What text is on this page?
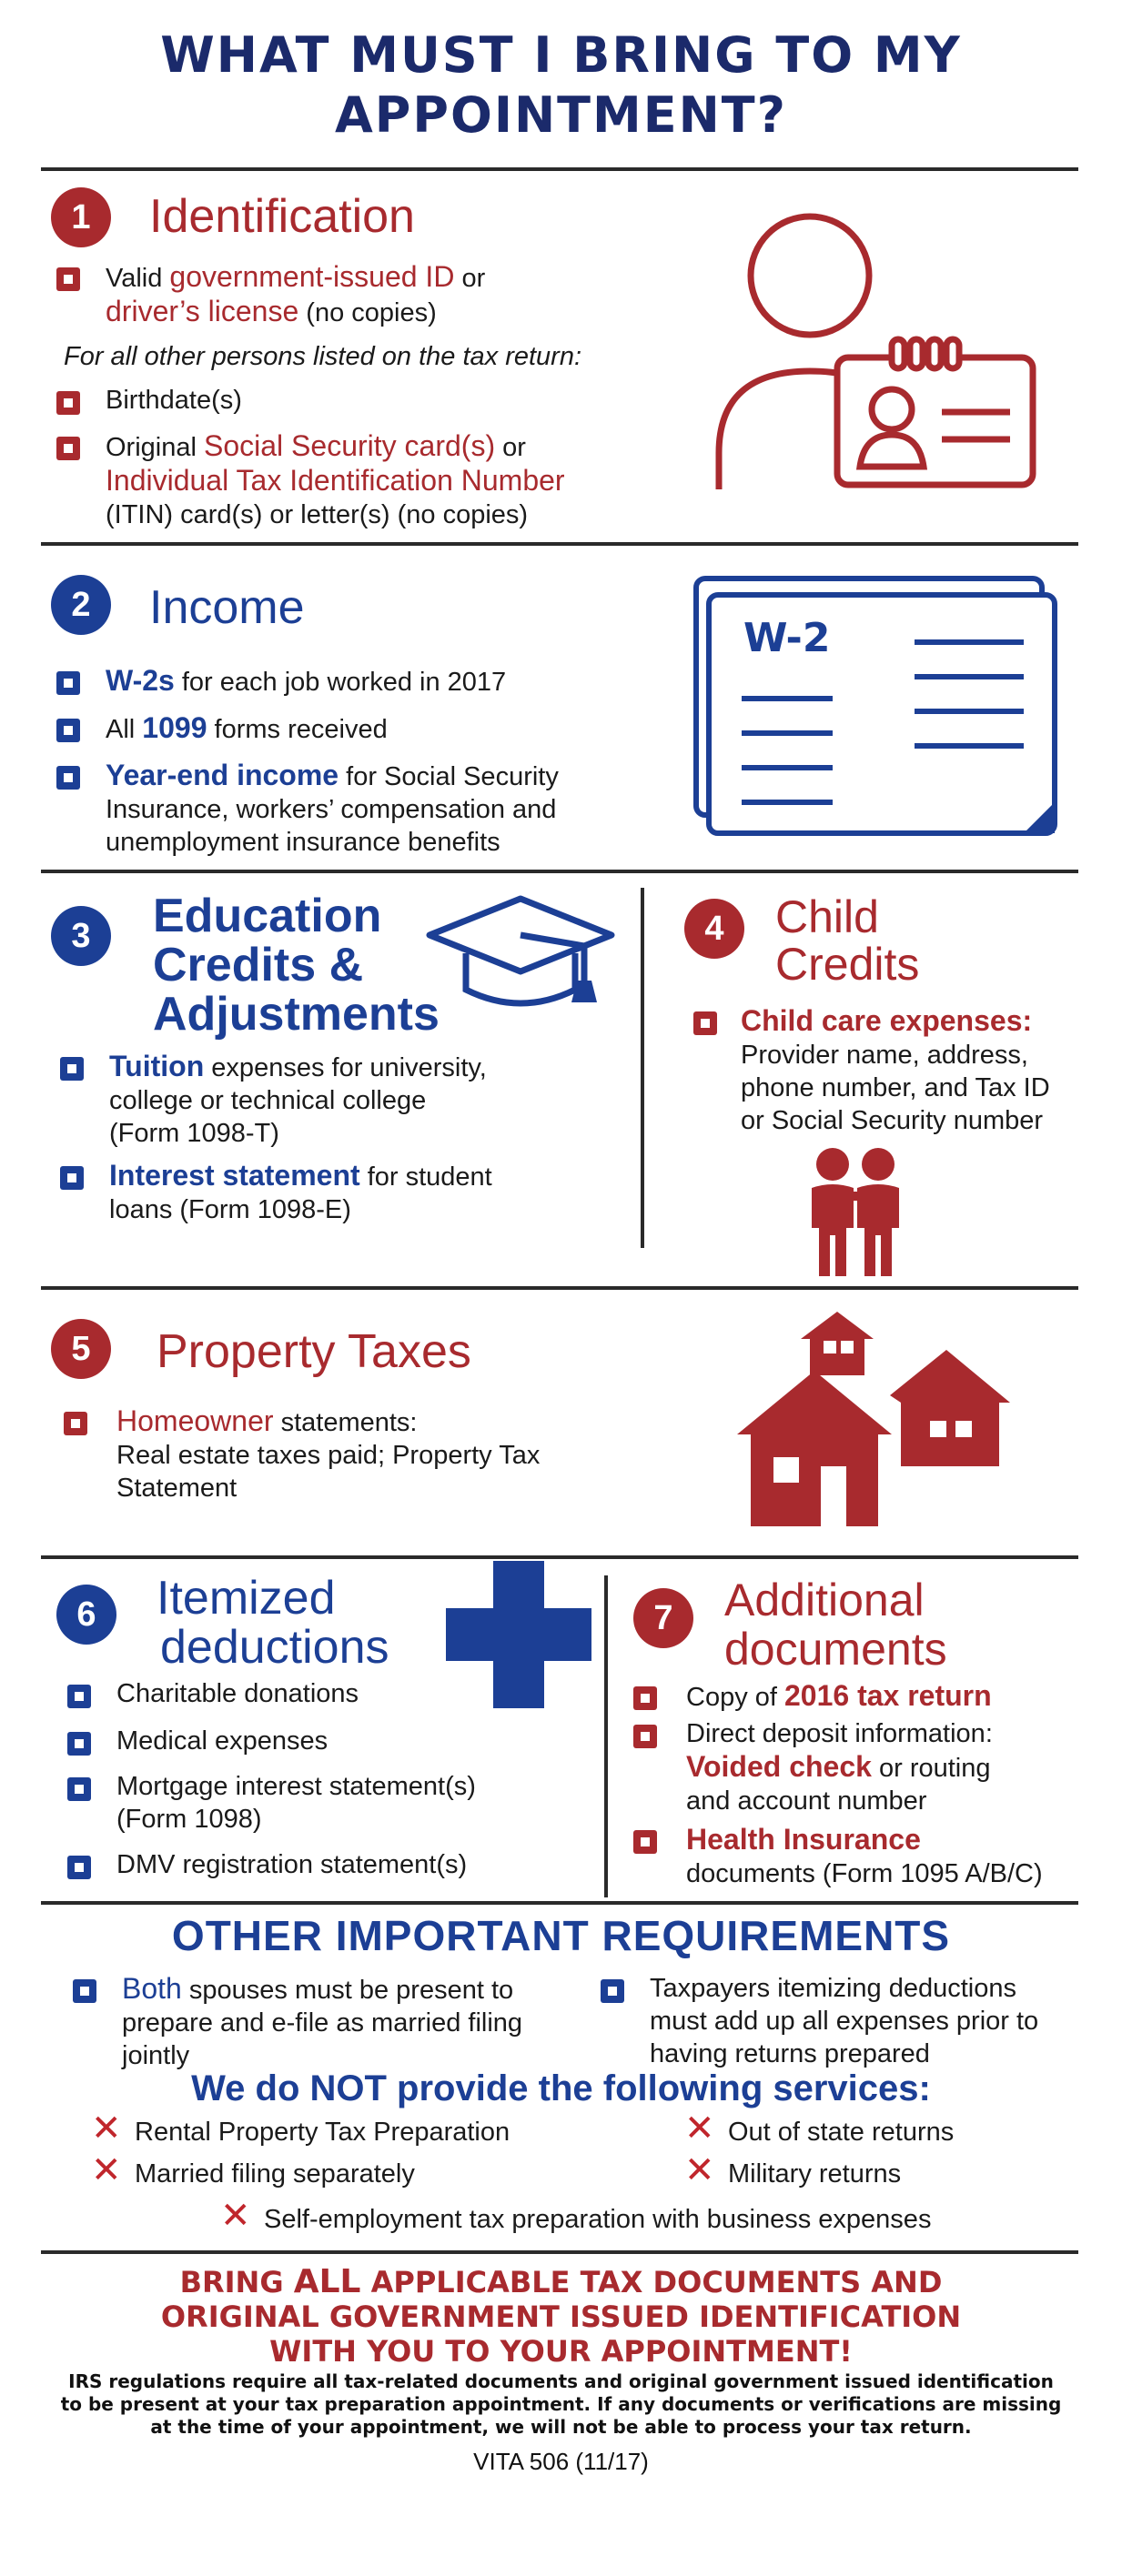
WHAT MUST I BRING TO MY
APPOINTMENT?
1	Identification
Valid government-issued ID or
driver’s license (no copies)
For all other persons listed on the tax return:
Birthdate(s)
Original Social Security card(s) or
Individual Tax Identification Number
(ITIN) card(s) or letter(s) (no copies)
2	Income
W-2s for each job worked in 2017
All 1099 forms received
Year-end income for Social Security
Insurance, workers’ compensation and
unemployment insurance benefits
W-2
3	Education
Credits &
Adjustments
Tuition expenses for university,
college or technical college
(Form 1098-T)
Interest statement for student
loans (Form 1098-E)
4	Child
Credits
Child care expenses:
Provider name, address,
phone number, and Tax ID
or Social Security number
5	Property Taxes
Homeowner statements:
Real estate taxes paid; Property Tax
Statement
6	Itemized
deductions
Charitable donations
Medical expenses
Mortgage interest statement(s)
(Form 1098)
DMV registration statement(s)
7	Additional
documents
Copy of 2016 tax return
Direct deposit information:
Voided check or routing
and account number
Health Insurance
documents (Form 1095 A/B/C)
OTHER IMPORTANT REQUIREMENTS
Both spouses must be present to
prepare and e-file as married filing
jointly
Taxpayers itemizing deductions
must add up all expenses prior to
having returns prepared
We do NOT provide the following services:
✕ Rental Property Tax Preparation	✕ Out of state returns
✕ Married filing separately	✕ Military returns
✕ Self-employment tax preparation with business expenses
BRING ALL APPLICABLE TAX DOCUMENTS AND
ORIGINAL GOVERNMENT ISSUED IDENTIFICATION
WITH YOU TO YOUR APPOINTMENT!
IRS regulations require all tax-related documents and original government issued identification
to be present at your tax preparation appointment. If any documents or verifications are missing
at the time of your appointment, we will not be able to process your tax return.
VITA 506 (11/17)
